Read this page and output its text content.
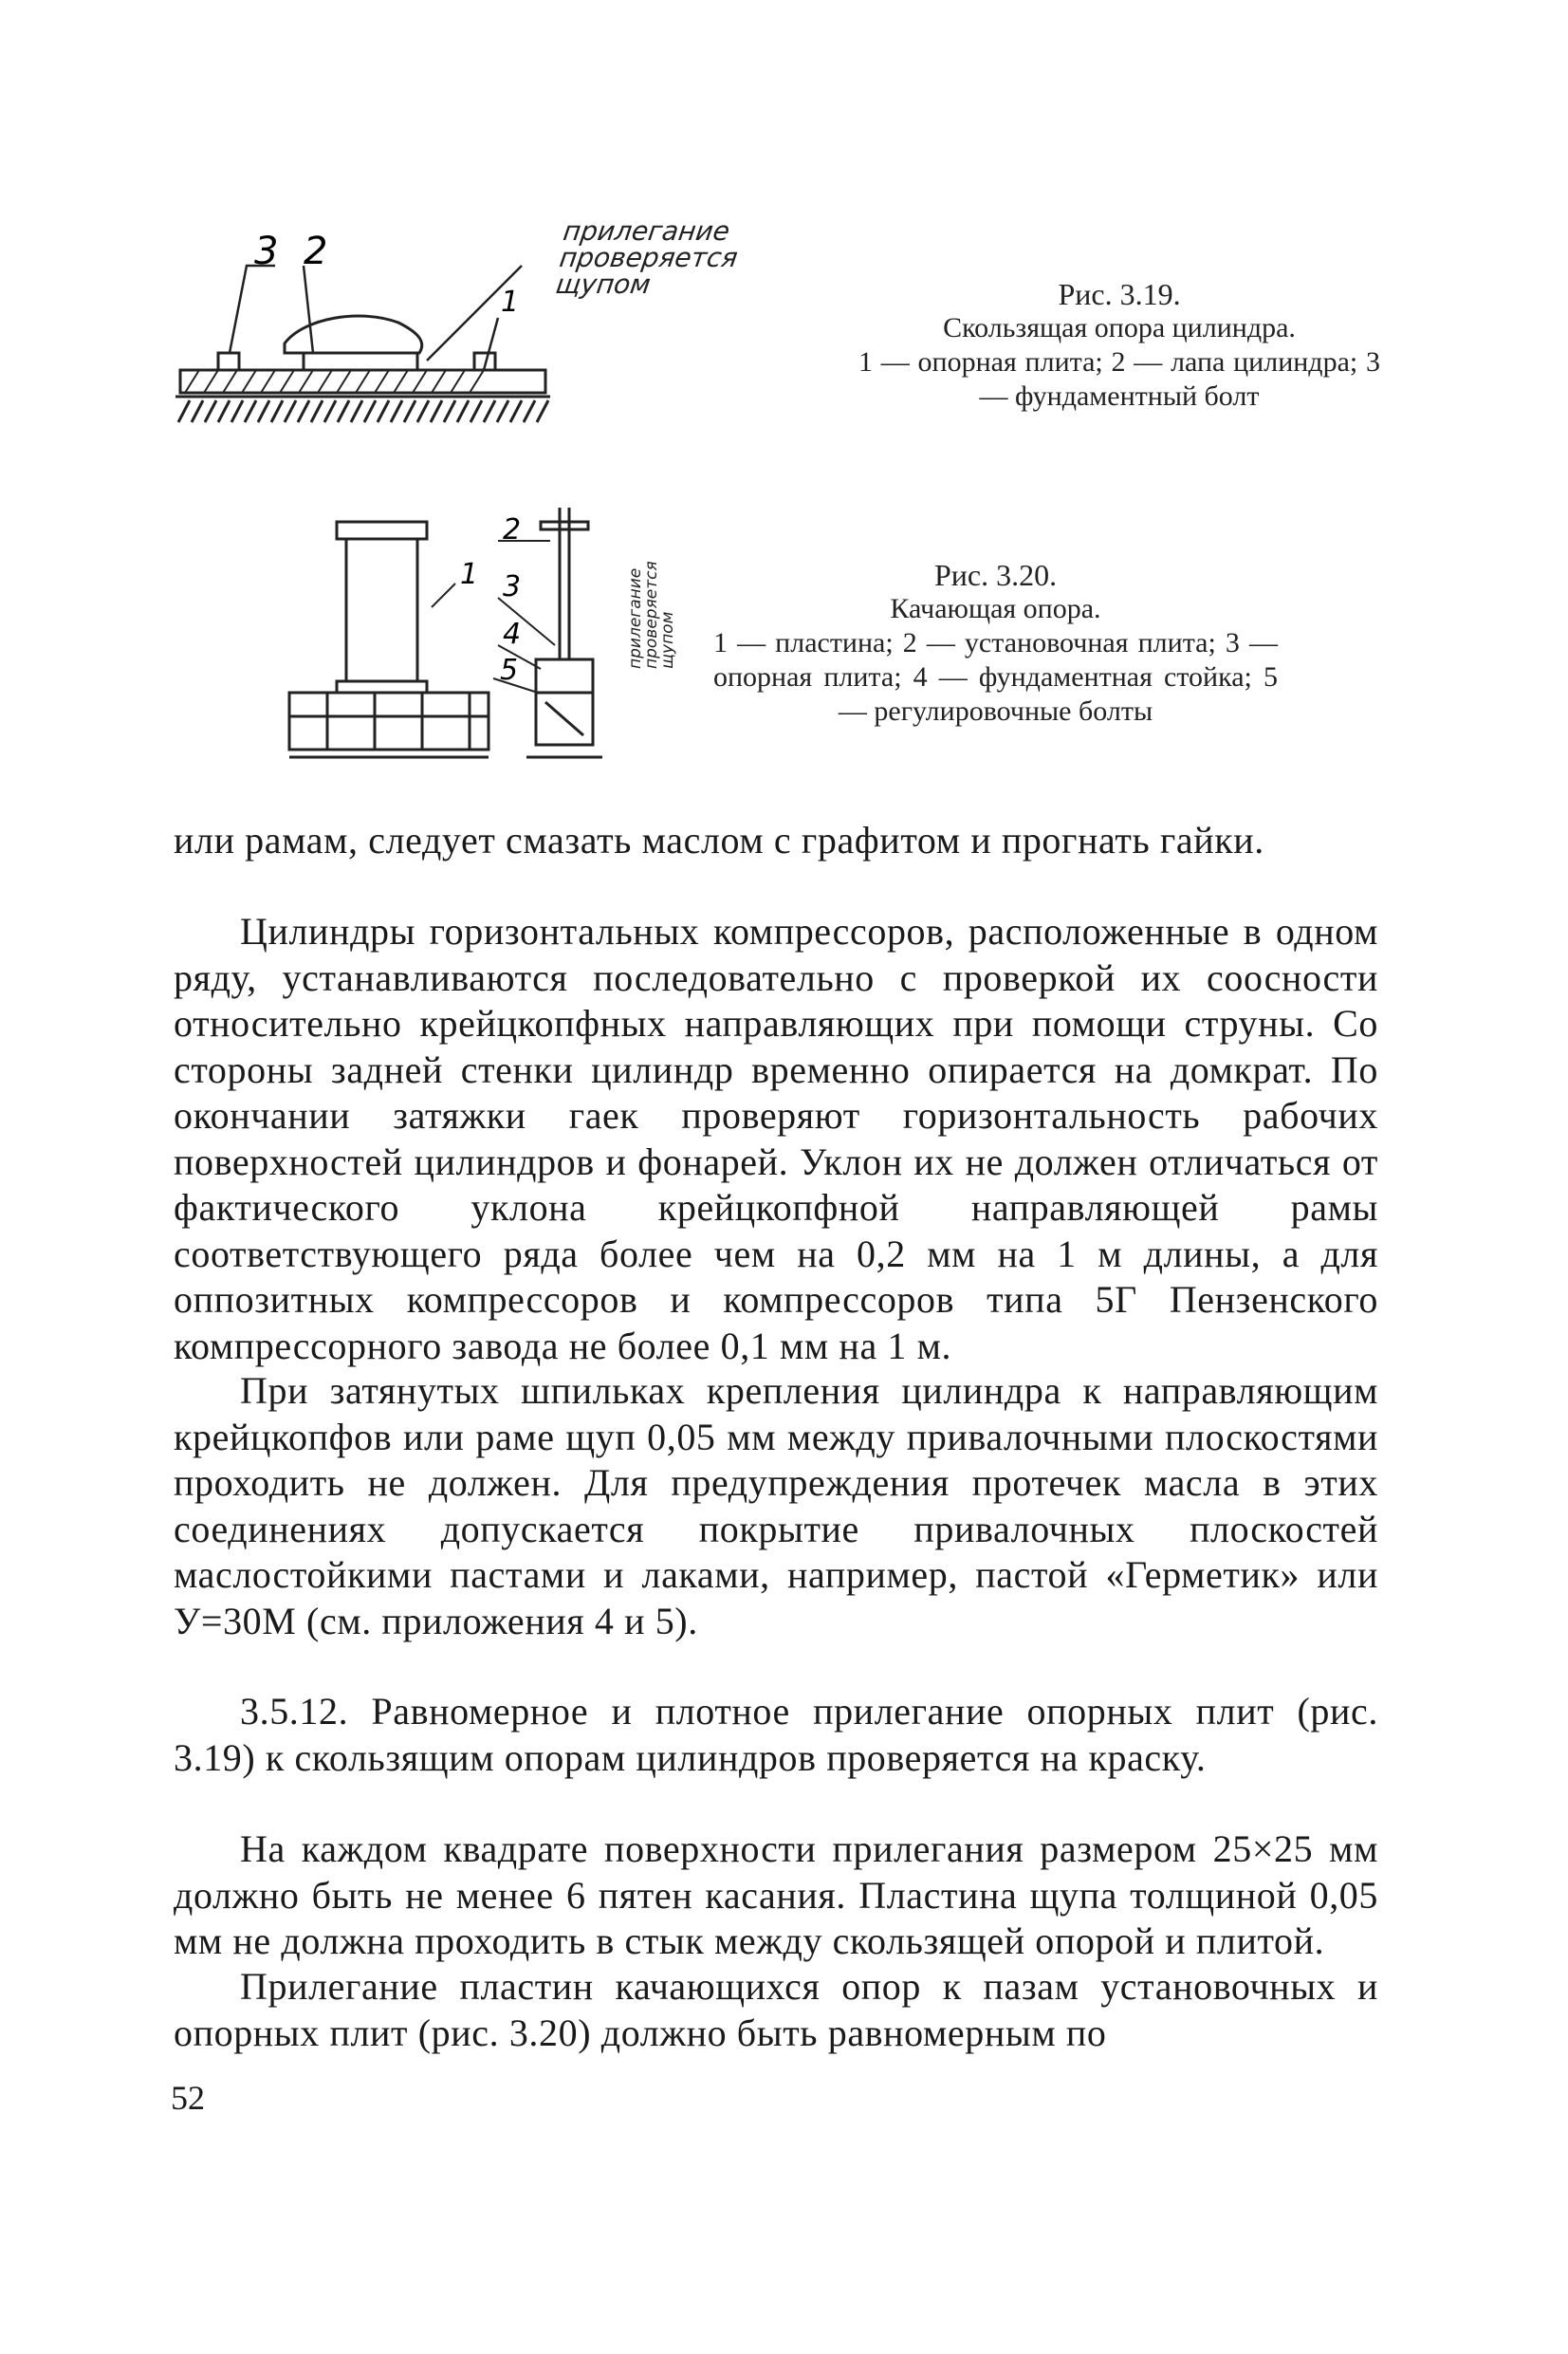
3 2
1
прилегание
проверяется
щупом	Рис. 3.19.
Скользящая опора цилиндра.
1 — опорная плита; 2 — лапа цилиндра; 3 — фундаментный болт
1
2
3
4
5
прилегание
проверяется
щупом
Рис. 3.20.
Качающая опора.
1 — пластина; 2 — установочная плита; 3 — опорная плита; 4 — фундаментная стойка; 5 — регулировочные болты

или рамам, следует смазать маслом с графитом и прогнать гайки.

Цилиндры горизонтальных компрессоров, расположенные в одном ряду, устанавливаются последовательно с проверкой их соосности относительно крейцкопфных направляющих при помощи струны. Со стороны задней стенки цилиндр временно опирается на домкрат. По окончании затяжки гаек проверяют горизонтальность рабочих поверхностей цилиндров и фонарей. Уклон их не должен отличаться от фактического уклона крейцкопфной направляющей рамы соответствующего ряда более чем на 0,2 мм на 1 м длины, а для оппозитных компрессоров и компрессоров типа 5Г Пензенского компрессорного завода не более 0,1 мм на 1 м.

При затянутых шпильках крепления цилиндра к направляющим крейцкопфов или раме щуп 0,05 мм между привалочными плоскостями проходить не должен. Для предупреждения протечек масла в этих соединениях допускается покрытие привалочных плоскостей маслостойкими пастами и лаками, например, пастой «Герметик» или У=30М (см. приложения 4 и 5).

3.5.12. Равномерное и плотное прилегание опорных плит (рис. 3.19) к скользящим опорам цилиндров проверяется на краску.

На каждом квадрате поверхности прилегания размером 25×25 мм должно быть не менее 6 пятен касания. Пластина щупа толщиной 0,05 мм не должна проходить в стык между скользящей опорой и плитой.

Прилегание пластин качающихся опор к пазам установочных и опорных плит (рис. 3.20) должно быть равномерным по

52
